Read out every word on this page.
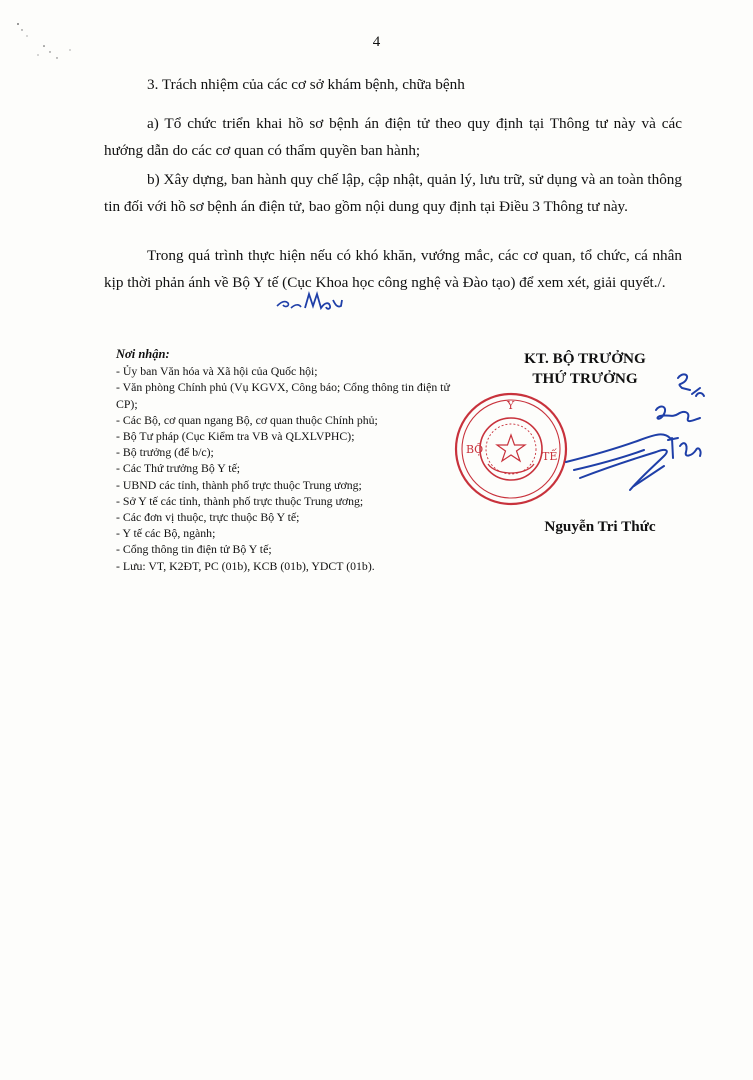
4

3. Trách nhiệm của các cơ sở khám bệnh, chữa bệnh

a) Tổ chức triển khai hồ sơ bệnh án điện tử theo quy định tại Thông tư này và các hướng dẫn do các cơ quan có thẩm quyền ban hành;

b) Xây dựng, ban hành quy chế lập, cập nhật, quản lý, lưu trữ, sử dụng và an toàn thông tin đối với hồ sơ bệnh án điện tử, bao gồm nội dung quy định tại Điều 3 Thông tư này.

Trong quá trình thực hiện nếu có khó khăn, vướng mắc, các cơ quan, tổ chức, cá nhân kịp thời phản ánh về Bộ Y tế (Cục Khoa học công nghệ và Đào tạo) để xem xét, giải quyết./.

Nơi nhận:
- Ủy ban Văn hóa và Xã hội của Quốc hội;
- Văn phòng Chính phủ (Vụ KGVX, Công báo; Cổng thông tin điện tử CP);
- Các Bộ, cơ quan ngang Bộ, cơ quan thuộc Chính phủ;
- Bộ Tư pháp (Cục Kiểm tra VB và QLXLVPHC);
- Bộ trưởng (để b/c);
- Các Thứ trưởng Bộ Y tế;
- UBND các tỉnh, thành phố trực thuộc Trung ương;
- Sở Y tế các tỉnh, thành phố trực thuộc Trung ương;
- Các đơn vị thuộc, trực thuộc Bộ Y tế;
- Y tế các Bộ, ngành;
- Cổng thông tin điện tử Bộ Y tế;
- Lưu: VT, K2ĐT, PC (01b), KCB (01b), YDCT (01b).
KT. BỘ TRƯỞNG
THỨ TRƯỞNG
BỘ
Y
TẾ
Nguyễn Tri Thức
